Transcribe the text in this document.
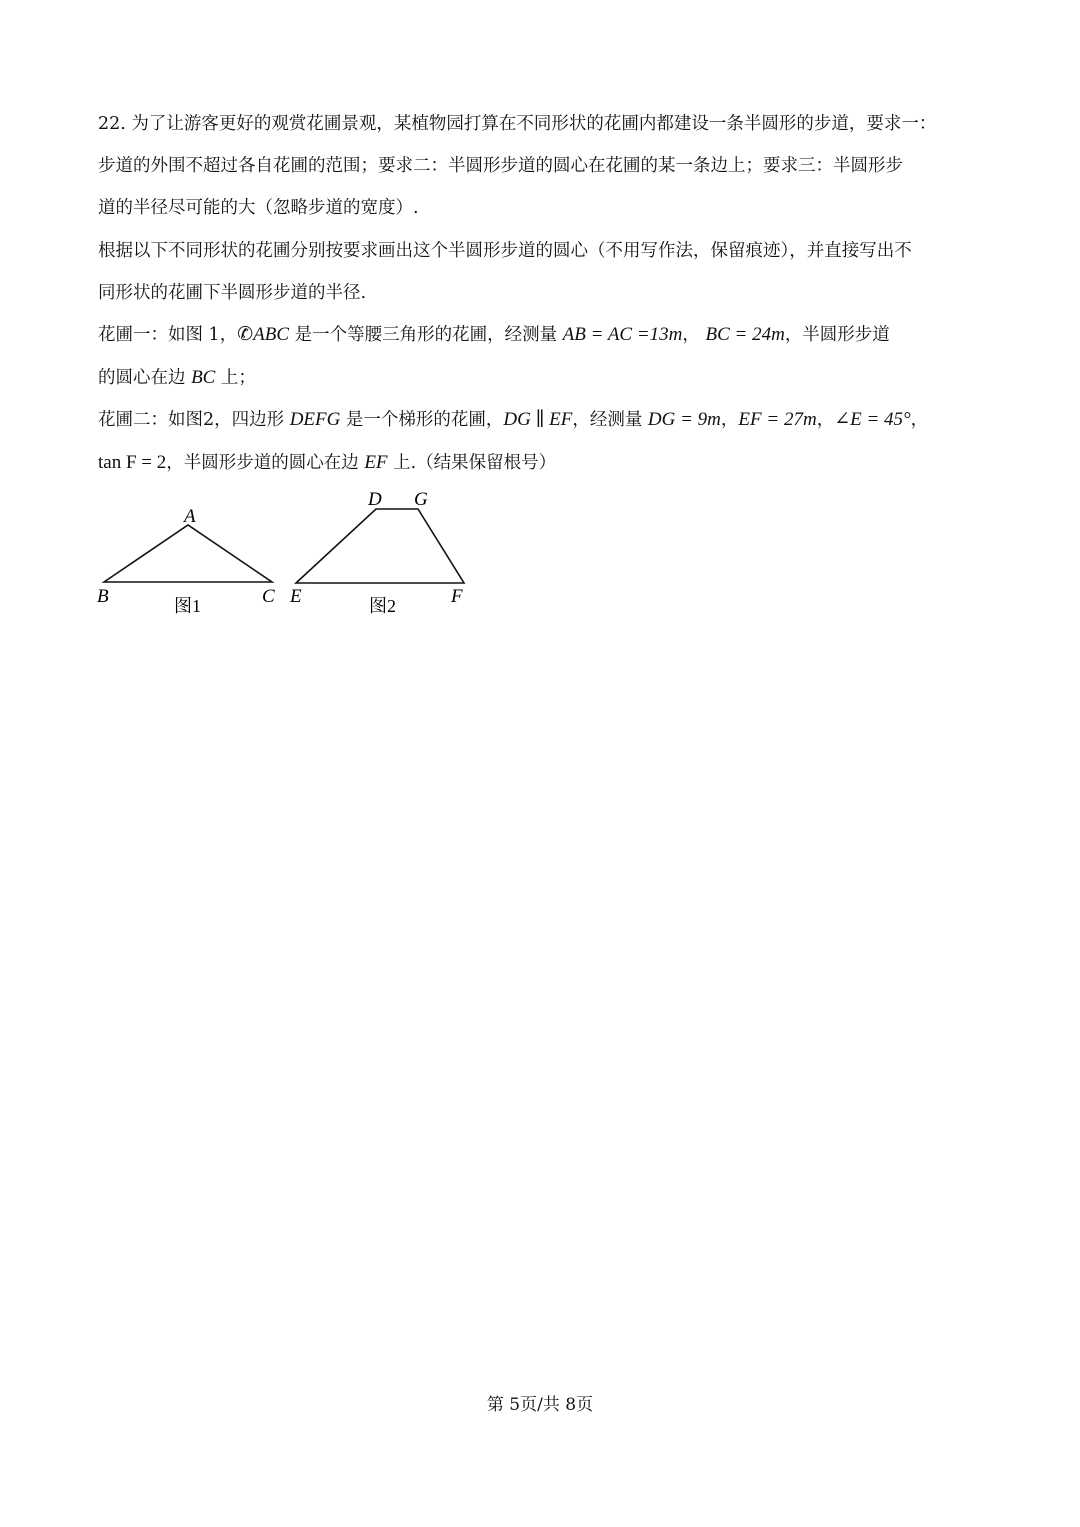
22. 为了让游客更好的观赏花圃景观，某植物园打算在不同形状的花圃内都建设一条半圆形的步道，要求一：
步道的外围不超过各自花圃的范围；要求二：半圆形步道的圆心在花圃的某一条边上；要求三：半圆形步
道的半径尽可能的大（忽略步道的宽度）.
根据以下不同形状的花圃分别按要求画出这个半圆形步道的圆心（不用写作法，保留痕迹），并直接写出不
同形状的花圃下半圆形步道的半径.
花圃一：如图 1，✆ABC 是一个等腰三角形的花圃，经测量 AB = AC =13m， BC = 24m，半圆形步道
的圆心在边 BC 上；
花圃二：如图2，四边形 DEFG 是一个梯形的花圃，DG ∥ EF，经测量 DG = 9m，EF = 27m，∠E = 45°，
tan F = 2，半圆形步道的圆心在边 EF 上.（结果保留根号）
A
B	C
图1
D G
E	F
图2
第 5页/共 8页
